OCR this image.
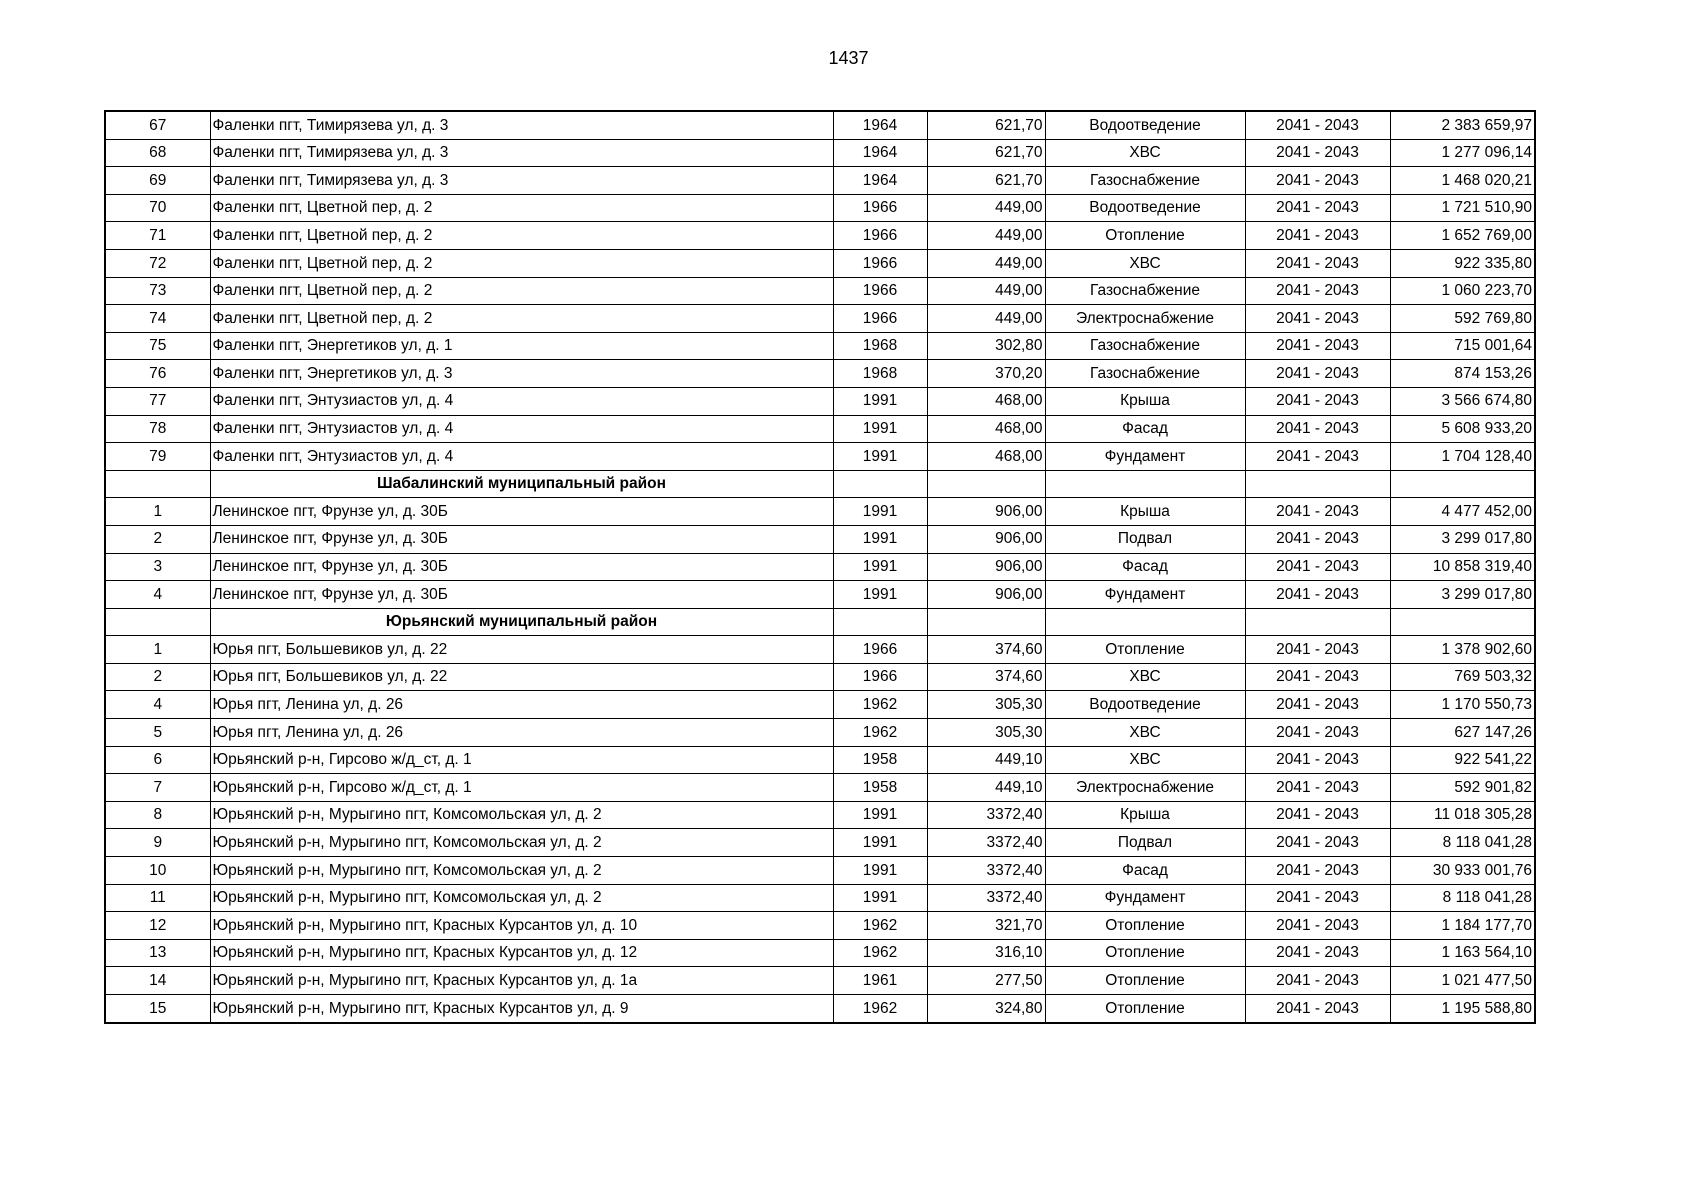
1437
67	Фаленки пгт, Тимирязева ул, д. 3	1964	621,70	Водоотведение	2041 - 2043	2 383 659,97
68	Фаленки пгт, Тимирязева ул, д. 3	1964	621,70	ХВС	2041 - 2043	1 277 096,14
69	Фаленки пгт, Тимирязева ул, д. 3	1964	621,70	Газоснабжение	2041 - 2043	1 468 020,21
70	Фаленки пгт, Цветной пер, д. 2	1966	449,00	Водоотведение	2041 - 2043	1 721 510,90
71	Фаленки пгт, Цветной пер, д. 2	1966	449,00	Отопление	2041 - 2043	1 652 769,00
72	Фаленки пгт, Цветной пер, д. 2	1966	449,00	ХВС	2041 - 2043	922 335,80
73	Фаленки пгт, Цветной пер, д. 2	1966	449,00	Газоснабжение	2041 - 2043	1 060 223,70
74	Фаленки пгт, Цветной пер, д. 2	1966	449,00	Электроснабжение	2041 - 2043	592 769,80
75	Фаленки пгт, Энергетиков ул, д. 1	1968	302,80	Газоснабжение	2041 - 2043	715 001,64
76	Фаленки пгт, Энергетиков ул, д. 3	1968	370,20	Газоснабжение	2041 - 2043	874 153,26
77	Фаленки пгт, Энтузиастов ул, д. 4	1991	468,00	Крыша	2041 - 2043	3 566 674,80
78	Фаленки пгт, Энтузиастов ул, д. 4	1991	468,00	Фасад	2041 - 2043	5 608 933,20
79	Фаленки пгт, Энтузиастов ул, д. 4	1991	468,00	Фундамент	2041 - 2043	1 704 128,40
	Шабалинский муниципальный район					
1	Ленинское пгт, Фрунзе ул, д. 30Б	1991	906,00	Крыша	2041 - 2043	4 477 452,00
2	Ленинское пгт, Фрунзе ул, д. 30Б	1991	906,00	Подвал	2041 - 2043	3 299 017,80
3	Ленинское пгт, Фрунзе ул, д. 30Б	1991	906,00	Фасад	2041 - 2043	10 858 319,40
4	Ленинское пгт, Фрунзе ул, д. 30Б	1991	906,00	Фундамент	2041 - 2043	3 299 017,80
	Юрьянский муниципальный район					
1	Юрья пгт, Большевиков ул, д. 22	1966	374,60	Отопление	2041 - 2043	1 378 902,60
2	Юрья пгт, Большевиков ул, д. 22	1966	374,60	ХВС	2041 - 2043	769 503,32
4	Юрья пгт, Ленина ул, д. 26	1962	305,30	Водоотведение	2041 - 2043	1 170 550,73
5	Юрья пгт, Ленина ул, д. 26	1962	305,30	ХВС	2041 - 2043	627 147,26
6	Юрьянский р-н, Гирсово ж/д_ст, д. 1	1958	449,10	ХВС	2041 - 2043	922 541,22
7	Юрьянский р-н, Гирсово ж/д_ст, д. 1	1958	449,10	Электроснабжение	2041 - 2043	592 901,82
8	Юрьянский р-н, Мурыгино пгт, Комсомольская ул, д. 2	1991	3372,40	Крыша	2041 - 2043	11 018 305,28
9	Юрьянский р-н, Мурыгино пгт, Комсомольская ул, д. 2	1991	3372,40	Подвал	2041 - 2043	8 118 041,28
10	Юрьянский р-н, Мурыгино пгт, Комсомольская ул, д. 2	1991	3372,40	Фасад	2041 - 2043	30 933 001,76
11	Юрьянский р-н, Мурыгино пгт, Комсомольская ул, д. 2	1991	3372,40	Фундамент	2041 - 2043	8 118 041,28
12	Юрьянский р-н, Мурыгино пгт, Красных Курсантов ул, д. 10	1962	321,70	Отопление	2041 - 2043	1 184 177,70
13	Юрьянский р-н, Мурыгино пгт, Красных Курсантов ул, д. 12	1962	316,10	Отопление	2041 - 2043	1 163 564,10
14	Юрьянский р-н, Мурыгино пгт, Красных Курсантов ул, д. 1а	1961	277,50	Отопление	2041 - 2043	1 021 477,50
15	Юрьянский р-н, Мурыгино пгт, Красных Курсантов ул, д. 9	1962	324,80	Отопление	2041 - 2043	1 195 588,80
